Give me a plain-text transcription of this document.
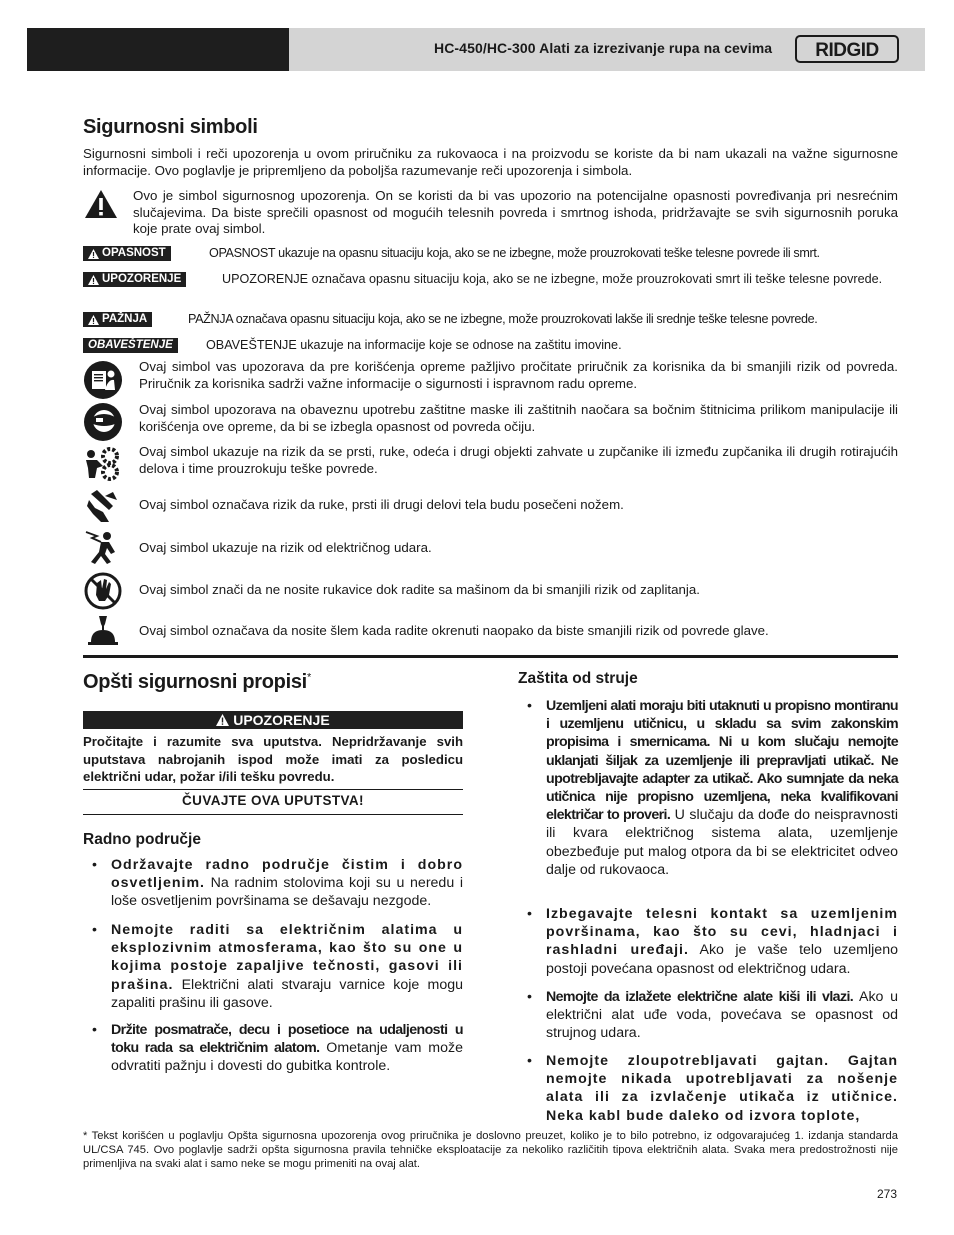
HC-450/HC-300 Alati za izrezivanje rupa na cevima RIDGID
Sigurnosni simboli
Sigurnosni simboli i reči upozorenja u ovom priručniku za rukovaoca i na proizvodu se koriste da bi nam ukazali na važne sigurnosne informacije. Ovo poglavlje je pripremljeno da poboljša razumevanje reči upozorenja i simbola.
Ovo je simbol sigurnosnog upozorenja. On se koristi da bi vas upozorio na potencijalne opasnosti povređivanja pri nesrećnim slučajevima. Da biste sprečili opasnost od mogućih telesnih povreda i smrtnog ishoda, pridržavajte se svih sigurnosnih poruka koje prate ovaj simbol.
OPASNOST	OPASNOST ukazuje na opasnu situaciju koja, ako se ne izbegne, može prouzrokovati teške telesne povrede ili smrt.
UPOZORENJE	UPOZORENJE označava opasnu situaciju koja, ako se ne izbegne, može prouzrokovati smrt ili teške telesne povrede.
PAŽNJA	PAŽNJA označava opasnu situaciju koja, ako se ne izbegne, može prouzrokovati lakše ili srednje teške telesne povrede.
OBAVEŠTENJE	OBAVEŠTENJE ukazuje na informacije koje se odnose na zaštitu imovine.
Ovaj simbol vas upozorava da pre korišćenja opreme pažljivo pročitate priručnik za korisnika da bi smanjili rizik od povreda. Priručnik za korisnika sadrži važne informacije o sigurnosti i ispravnom radu opreme.
Ovaj simbol upozorava na obaveznu upotrebu zaštitne maske ili zaštitnih naočara sa bočnim štitnicima prilikom manipulacije ili korišćenja ove opreme, da bi se izbegla opasnost od povreda očiju.
Ovaj simbol ukazuje na rizik da se prsti, ruke, odeća i drugi objekti zahvate u zupčanike ili između zupčanika ili drugih rotirajućih delova i time prouzrokuju teške povrede.
Ovaj simbol označava rizik da ruke, prsti ili drugi delovi tela budu posečeni nožem.
Ovaj simbol ukazuje na rizik od električnog udara.
Ovaj simbol znači da ne nosite rukavice dok radite sa mašinom da bi smanjili rizik od zaplitanja.
Ovaj simbol označava da nosite šlem kada radite okrenuti naopako da biste smanjili rizik od povrede glave.
Opšti sigurnosni propisi*
UPOZORENJE
Pročitajte i razumite sva uputstva. Nepridržavanje svih uputstava nabrojanih ispod može imati za posledicu električni udar, požar i/ili tešku povredu.
ČUVAJTE OVA UPUTSTVA!
Radno područje
• Održavajte radno područje čistim i dobro osvetljenim. Na radnim stolovima koji su u neredu i loše osvetljenim površinama se dešavaju nezgode.
• Nemojte raditi sa električnim alatima u eksplozivnim atmosferama, kao što su one u kojima postoje zapaljive tečnosti, gasovi ili prašina. Električni alati stvaraju varnice koje mogu zapaliti prašinu ili gasove.
• Držite posmatrače, decu i posetioce na udaljenosti u toku rada sa električnim alatom. Ometanje vam može odvratiti pažnju i dovesti do gubitka kontrole.
Zaštita od struje
• Uzemljeni alati moraju biti utaknuti u propisno montiranu i uzemljenu utičnicu, u skladu sa svim zakonskim propisima i smernicama. Ni u kom slučaju nemojte uklanjati šiljak za uzemljenje ili prepravljati utikač. Ne upotrebljavajte adapter za utikač. Ako sumnjate da neka utičnica nije propisno uzemljena, neka kvalifikovani električar to proveri. U slučaju da dođe do neispravnosti ili kvara električnog sistema alata, uzemljenje obezbeđuje put malog otpora da bi se elektricitet odveo dalje od rukovaoca.
• Izbegavajte telesni kontakt sa uzemljenim površinama, kao što su cevi, hladnjaci i rashladni uređaji. Ako je vaše telo uzemljeno postoji povećana opasnost od električnog udara.
• Nemojte da izlažete električne alate kiši ili vlazi. Ako u električni alat uđe voda, povećava se opasnost od strujnog udara.
• Nemojte zloupotrebljavati gajtan. Gajtan nemojte nikada upotrebljavati za nošenje alata ili za izvlačenje utikača iz utičnice. Neka kabl bude daleko od izvora toplote,
* Tekst korišćen u poglavlju Opšta sigurnosna upozorenja ovog priručnika je doslovno preuzet, koliko je to bilo potrebno, iz odgovarajućeg 1. izdanja standarda UL/CSA 745. Ovo poglavlje sadrži opšta sigurnosna pravila tehničke eksploatacije za nekoliko različitih tipova električnih alata. Svaka mera predostrožnosti nije primenljiva na svaki alat i samo neke se mogu primeniti na ovaj alat.
273
